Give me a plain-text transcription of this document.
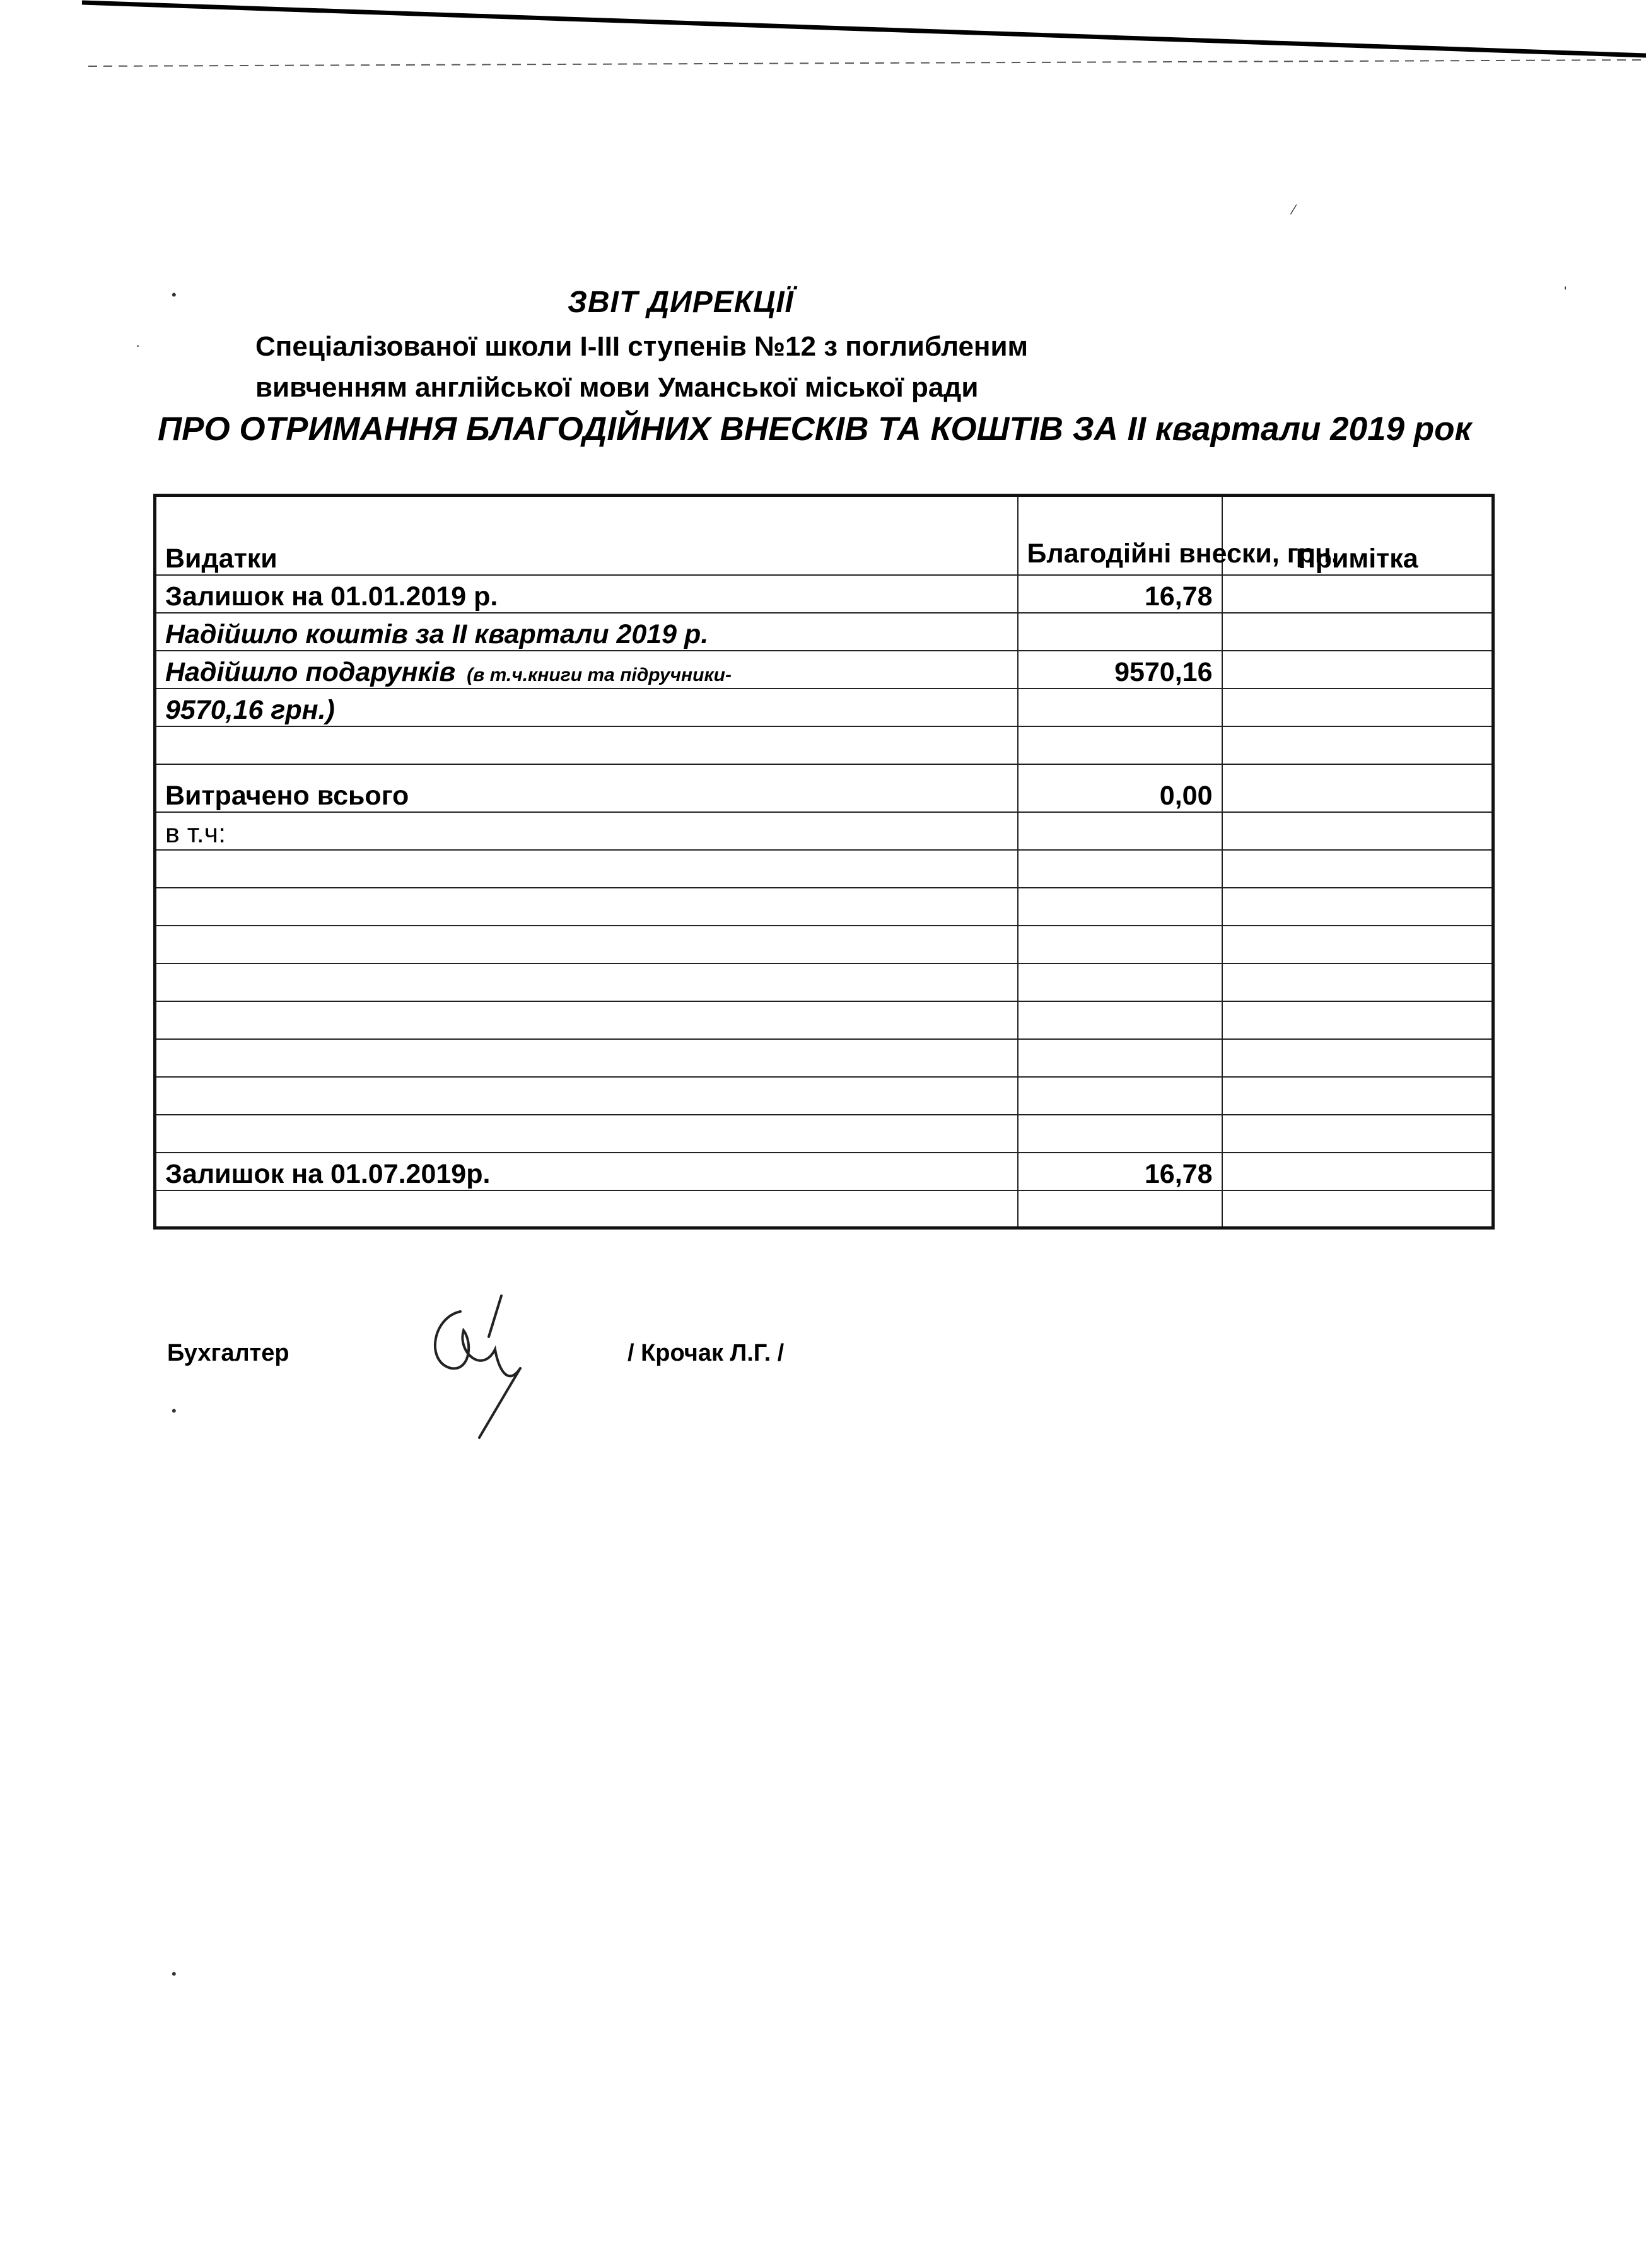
ЗВІТ ДИРЕКЦІЇ
Спеціалізованої школи І-ІІІ ступенів №12 з поглибленим
вивченням англійської мови Уманської міської ради
ПРО ОТРИМАННЯ БЛАГОДІЙНИХ ВНЕСКІВ ТА КОШТІВ ЗА ІІ квартали 2019 рок
Видатки	Благодійні внески, грн.	Примітка
Залишок на 01.01.2019 р.	16,78	
Надійшло коштів за ІІ квартали 2019 р.		
Надійшло подарунків (в т.ч.книги та підручники-	9570,16	
9570,16 грн.)		

Витрачено всього	0,00	
в т.ч:		

Залишок на 01.07.2019р.	16,78	

Бухгалтер	/ Крочак Л.Г. /
•
·
•
•
⁄
'
